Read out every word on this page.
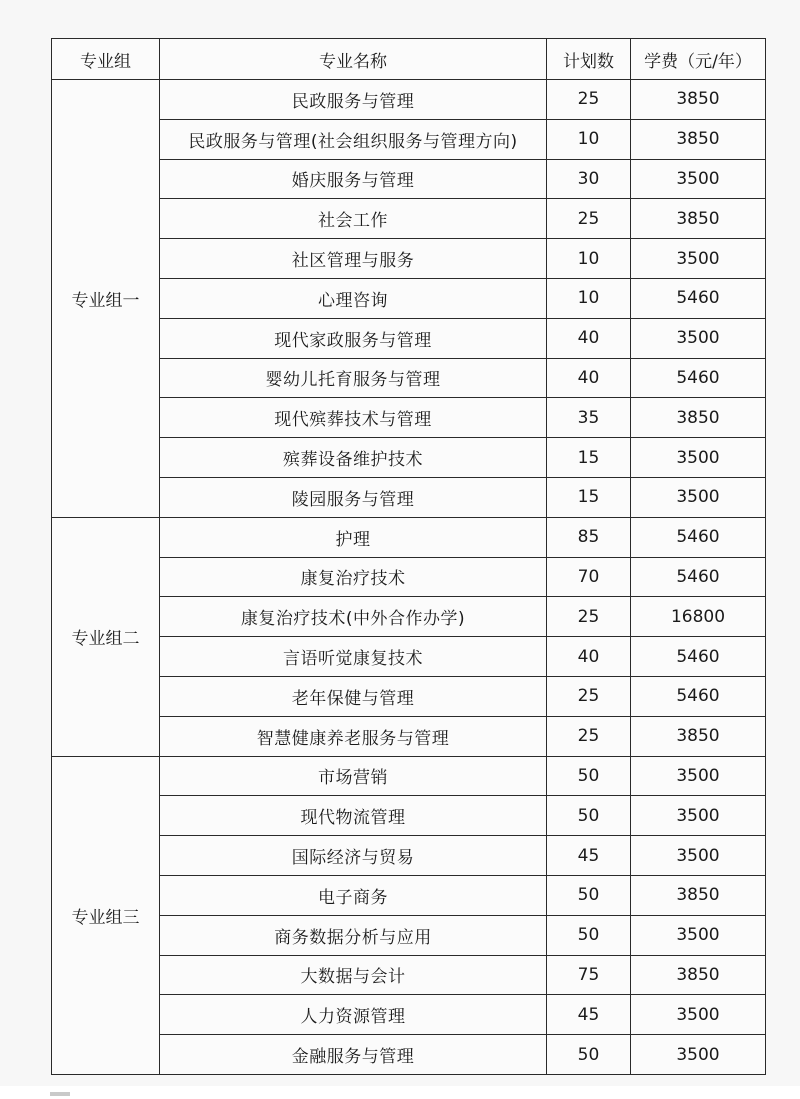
专业组	专业名称	计划数	学费（元/年）
专业组一	民政服务与管理	25	3850
	民政服务与管理(社会组织服务与管理方向)	10	3850
	婚庆服务与管理	30	3500
	社会工作	25	3850
	社区管理与服务	10	3500
	心理咨询	10	5460
	现代家政服务与管理	40	3500
	婴幼儿托育服务与管理	40	5460
	现代殡葬技术与管理	35	3850
	殡葬设备维护技术	15	3500
	陵园服务与管理	15	3500
专业组二	护理	85	5460
	康复治疗技术	70	5460
	康复治疗技术(中外合作办学)	25	16800
	言语听觉康复技术	40	5460
	老年保健与管理	25	5460
	智慧健康养老服务与管理	25	3850
专业组三	市场营销	50	3500
	现代物流管理	50	3500
	国际经济与贸易	45	3500
	电子商务	50	3850
	商务数据分析与应用	50	3500
	大数据与会计	75	3850
	人力资源管理	45	3500
	金融服务与管理	50	3500
